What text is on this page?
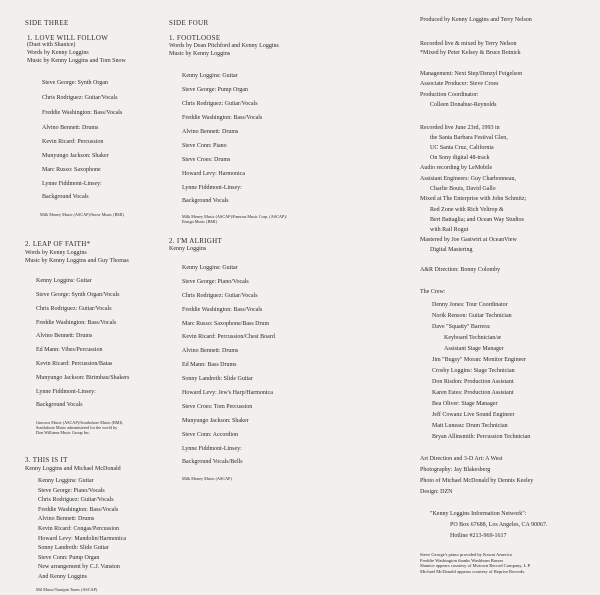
SIDE THREE
1. LOVE WILL FOLLOW
(Duet with Shanice)
Words by Kenny Loggins
Music by Kenny Loggins and Tom Snow
Steve George: Synth Organ
Chris Rodriguez: Guitar/Vocals
Freddie Washington: Bass/Vocals
Alvino Bennett: Drums
Kevin Ricard: Percussion
Munyungo Jackson: Shaker
Marc Russo: Saxophone
Lynne Fiddmont-Linsey:
Background Vocals
Milk Money Music (ASCAP)/Snow Music (BMI)
2. LEAP OF FAITH*
Words by Kenny Loggins
Music by Kenny Loggins and Guy Thomas
Kenny Loggins: Guitar
Steve George: Synth Organ/Vocals
Chris Rodriguez: Guitar/Vocals
Freddie Washington: Bass/Vocals
Alvino Bennett: Drums
Ed Mann: Vibes/Percussion
Kevin Ricard: Percussion/Batas
Munyungo Jackson: Birimbau/Shakers
Lynne Fiddmont-Linsey:
Background Vocals
Gnossos Music (ASCAP)/Southshore Music (BMI).
Southshore Music administered for the world by
Don Williams Music Group Inc.
3. THIS IS IT
Kenny Loggins and Michael McDonald
Kenny Loggins: Guitar
Steve George: Piano/Vocals
Chris Rodriguez: Guitar/Vocals
Freddie Washington: Bass/Vocals
Alvino Bennett: Drums
Kevin Ricard: Congas/Percussion
Howard Levy: Mandolin/Harmonica
Sonny Landreth: Slide Guitar
Steve Conn: Pump Organ
New arrangement by C.J. Vanston
And Kenny Loggins
Mil Music/Tauripin Tunes (ASCAP)
SIDE FOUR
1. FOOTLOOSE
Words by Dean Pitchford and Kenny Loggins
Music by Kenny Loggins
Kenny Loggins: Guitar
Steve George: Pump Organ
Chris Rodriguez: Guitar/Vocals
Freddie Washington: Bass/Vocals
Alvino Bennett: Drums
Steve Conn: Piano
Steve Croes: Drums
Howard Levy: Harmonica
Lynne Fiddmont-Linsey:
Background Vocals
Milk Money Music (ASCAP)/Famous Music Corp. (ASCAP)/
Ensign Music (BMI)
2. I'M ALRIGHT
Kenny Loggins
Kenny Loggins: Guitar
Steve George: Piano/Vocals
Chris Rodriguez: Guitar/Vocals
Freddie Washington: Bass/Vocals
Marc Russo: Saxophone/Bass Drum
Kevin Ricard: Percussion/Chest Board
Alvino Bennett: Drums
Ed Mann: Bass Drums
Sonny Landreth: Slide Guitar
Howard Levy: Jew's Harp/Harmonica
Steve Croes: Tom Percussion
Munyungo Jackson: Shaker
Steve Conn: Accordion
Lynne Fiddmont-Linsey:
Background Vocals/Bells
Milk Money Music (ASCAP)
Produced by Kenny Loggins and Terry Nelson
Recorded live & mixed by Terry Nelson
*Mixed by Peter Kelsey & Bruce Botnick
Management: Next Step/Denzyl Feigelson
Associate Producer: Steve Croes
Production Coordinator:
Colleen Donahue-Reynolds
Recorded live June 23rd, 1993 in
the Santa Barbara Festival Glen,
UC Santa Cruz, California
On Sony digital 48-track
Audio recording by LeMobile
Assistant Engineers: Guy Charbonneau,
Charlie Bouis, David Gallo
Mixed at The Enterprise with John Schmitz;
Red Zone with Rich Veltrop &
Bert Battaglia; and Ocean Way Studios
with Rail Rogut
Mastered by Joe Gastwirt at OceanView
Digital Mastering
A&R Direction: Bonny Colomby
The Crew:
Denny Jones: Tour Coordinator
Norik Renson: Guitar Technician
Dave "Squatty" Barrera:
Keyboard Technician/æ
Assistant Stage Manager
Jim "Bugsy" Moran: Monitor Engineer
Crosby Loggins: Stage Technician
Don Risdon: Production Assistant
Karen Estes: Production Assistant
Bea Oliver: Stage Manager
Jeff Cowanz Live Sound Engineer
Matt Luneau: Drum Technician
Bryan Allinsmith: Percussion Technician
Art Direction and 3-D Art: A West
Photography: Jay Blakesberg
Photo of Michael McDonald by Dennis Keeley
Design: DZN
"Kenny Loggins Information Network":
PO Box 67688, Los Angeles, CA 90067.
Hotline #213-969-1617
Steve George's piano provided by Kawai America
Freddie Washington thanks Washburn Basses
Shanice appears courtesy of Motown Record Company, L.P.
Michael McDonald appears courtesy of Reprise Records.
